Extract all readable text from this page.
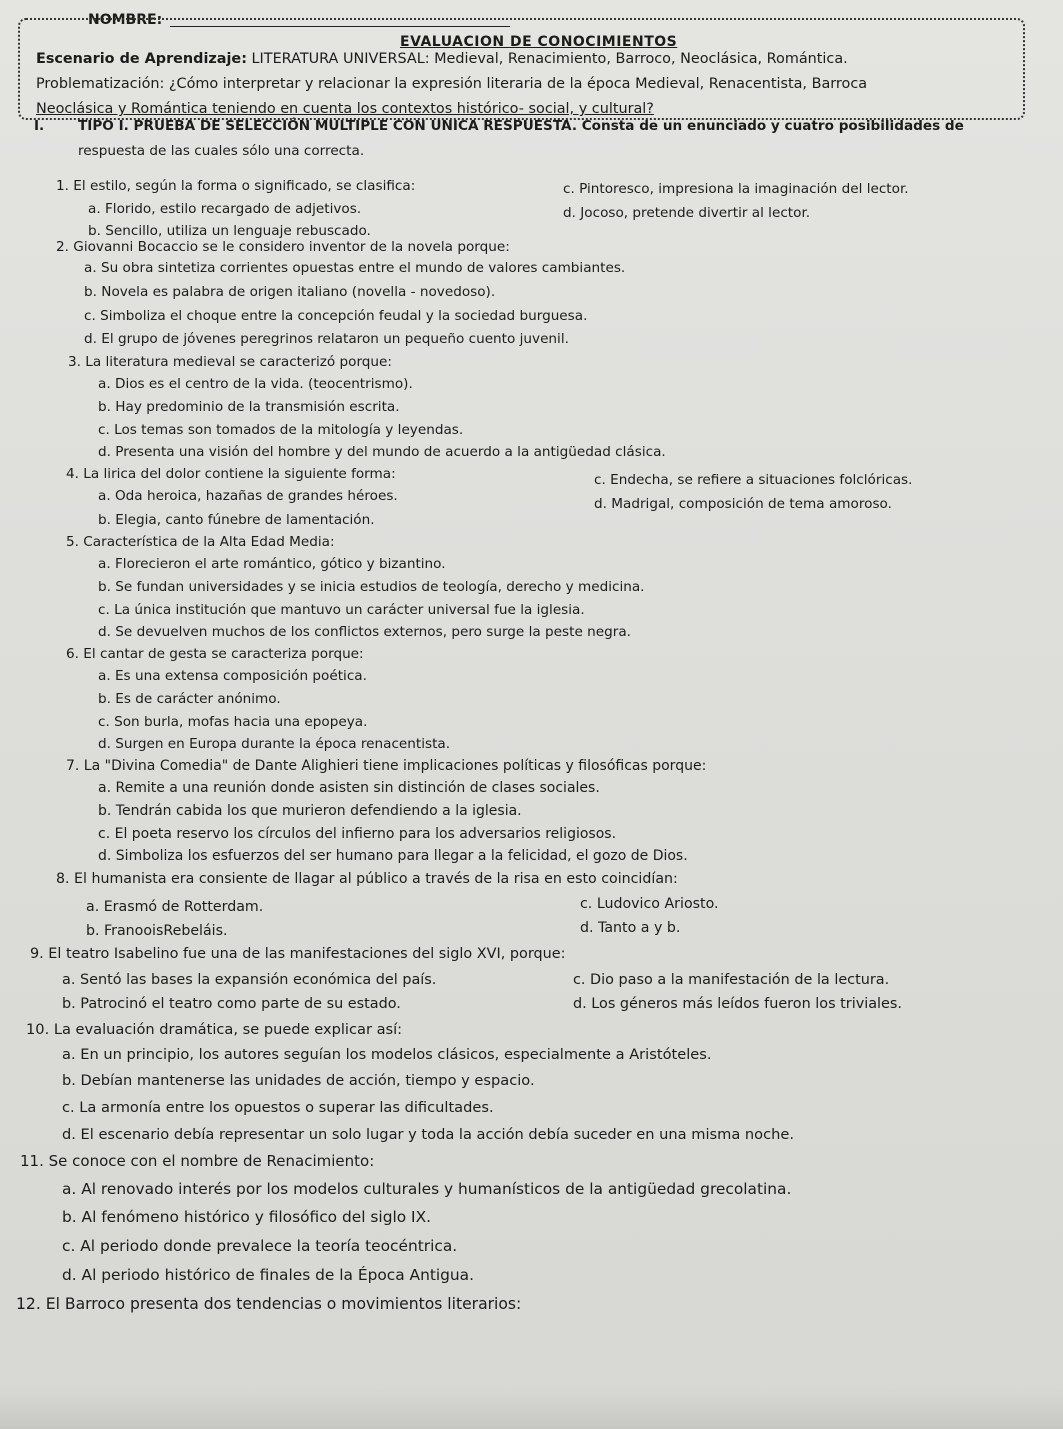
NOMBRE:
EVALUACION DE CONOCIMIENTOS
Escenario de Aprendizaje: LITERATURA UNIVERSAL: Medieval, Renacimiento, Barroco, Neoclásica, Romántica.
Problematización: ¿Cómo interpretar y relacionar la expresión literaria de la época Medieval, Renacentista, Barroca
Neoclásica y Romántica teniendo en cuenta los contextos histórico- social, y cultural?
I. TIPO I. PRUEBA DE SELECCIÓN MULTIPLE CON UNICA RESPUESTA. Consta de un enunciado y cuatro posibilidades de
respuesta de las cuales sólo una correcta.
1. El estilo, según la forma o significado, se clasifica:
a. Florido, estilo recargado de adjetivos.
b. Sencillo, utiliza un lenguaje rebuscado.
c. Pintoresco, impresiona la imaginación del lector.
d. Jocoso, pretende divertir al lector.
2. Giovanni Bocaccio se le considero inventor de la novela porque:
a. Su obra sintetiza corrientes opuestas entre el mundo de valores cambiantes.
b. Novela es palabra de origen italiano (novella - novedoso).
c. Simboliza el choque entre la concepción feudal y la sociedad burguesa.
d. El grupo de jóvenes peregrinos relataron un pequeño cuento juvenil.
3. La literatura medieval se caracterizó porque:
a. Dios es el centro de la vida. (teocentrismo).
b. Hay predominio de la transmisión escrita.
c. Los temas son tomados de la mitología y leyendas.
d. Presenta una visión del hombre y del mundo de acuerdo a la antigüedad clásica.
4. La lirica del dolor contiene la siguiente forma:
a. Oda heroica, hazañas de grandes héroes.
b. Elegia, canto fúnebre de lamentación.
c. Endecha, se refiere a situaciones folclóricas.
d. Madrigal, composición de tema amoroso.
5. Característica de la Alta Edad Media:
a. Florecieron el arte romántico, gótico y bizantino.
b. Se fundan universidades y se inicia estudios de teología, derecho y medicina.
c. La única institución que mantuvo un carácter universal fue la iglesia.
d. Se devuelven muchos de los conflictos externos, pero surge la peste negra.
6. El cantar de gesta se caracteriza porque:
a. Es una extensa composición poética.
b. Es de carácter anónimo.
c. Son burla, mofas hacia una epopeya.
d. Surgen en Europa durante la época renacentista.
7. La "Divina Comedia" de Dante Alighieri tiene implicaciones políticas y filosóficas porque:
a. Remite a una reunión donde asisten sin distinción de clases sociales.
b. Tendrán cabida los que murieron defendiendo a la iglesia.
c. El poeta reservo los círculos del infierno para los adversarios religiosos.
d. Simboliza los esfuerzos del ser humano para llegar a la felicidad, el gozo de Dios.
8. El humanista era consiente de llagar al público a través de la risa en esto coincidían:
a. Erasmó de Rotterdam.
b. FranooisRebeláis.
c. Ludovico Ariosto.
d. Tanto a y b.
9. El teatro Isabelino fue una de las manifestaciones del siglo XVI, porque:
a. Sentó las bases la expansión económica del país.
b. Patrocinó el teatro como parte de su estado.
c. Dio paso a la manifestación de la lectura.
d. Los géneros más leídos fueron los triviales.
10. La evaluación dramática, se puede explicar así:
a. En un principio, los autores seguían los modelos clásicos, especialmente a Aristóteles.
b. Debían mantenerse las unidades de acción, tiempo y espacio.
c. La armonía entre los opuestos o superar las dificultades.
d. El escenario debía representar un solo lugar y toda la acción debía suceder en una misma noche.
11. Se conoce con el nombre de Renacimiento:
a. Al renovado interés por los modelos culturales y humanísticos de la antigüedad grecolatina.
b. Al fenómeno histórico y filosófico del siglo IX.
c. Al periodo donde prevalece la teoría teocéntrica.
d. Al periodo histórico de finales de la Época Antigua.
12. El Barroco presenta dos tendencias o movimientos literarios:
